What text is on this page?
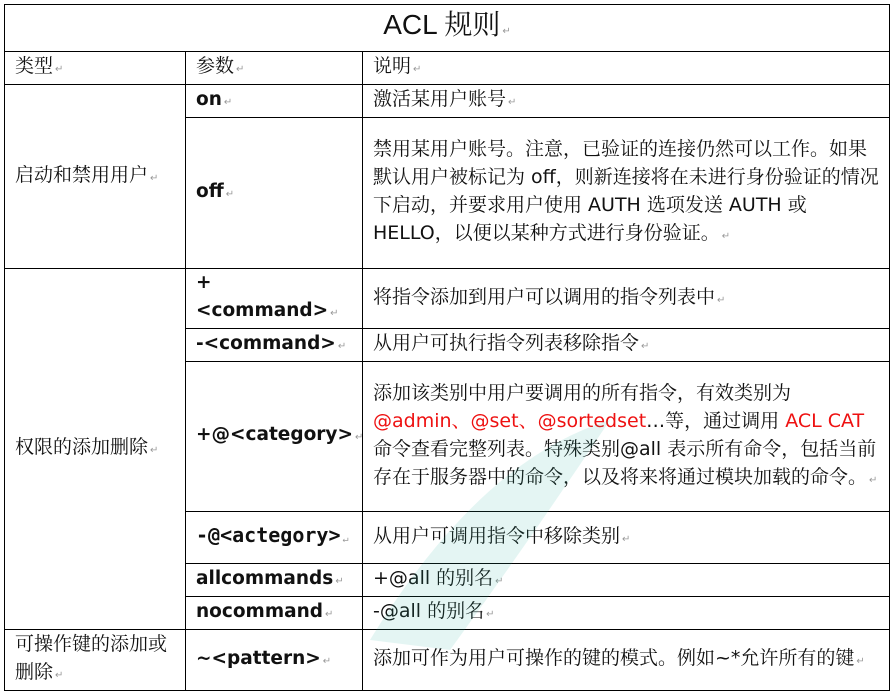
ACL 规则 ↵
类型 ↵	参数 ↵	说明 ↵
启动和禁用用户 ↵	on ↵	激活某用户账号 ↵
	off ↵	禁用某用户账号。注意，已验证的连接仍然可以工作。如果默认用户被标记为 off，则新连接将在未进行身份验证的情况下启动，并要求用户使用 AUTH 选项发送 AUTH 或 HELLO，以便以某种方式进行身份验证。 ↵
权限的添加删除 ↵	+<command> ↵	将指令添加到用户可以调用的指令列表中 ↵
	-<command> ↵	从用户可执行指令列表移除指令 ↵
	+@<category> ↵	添加该类别中用户要调用的所有指令，有效类别为 @admin、@set、@sortedset…等，通过调用 ACL CAT 命令查看完整列表。特殊类别@all 表示所有命令，包括当前存在于服务器中的命令，以及将来将通过模块加载的命令。 ↵
	-@<actegory> ↵	从用户可调用指令中移除类别 ↵
	allcommands ↵	+@all 的别名 ↵
	nocommand ↵	-@all 的别名 ↵
可操作键的添加或删除 ↵	~<pattern> ↵	添加可作为用户可操作的键的模式。例如~*允许所有的键 ↵
